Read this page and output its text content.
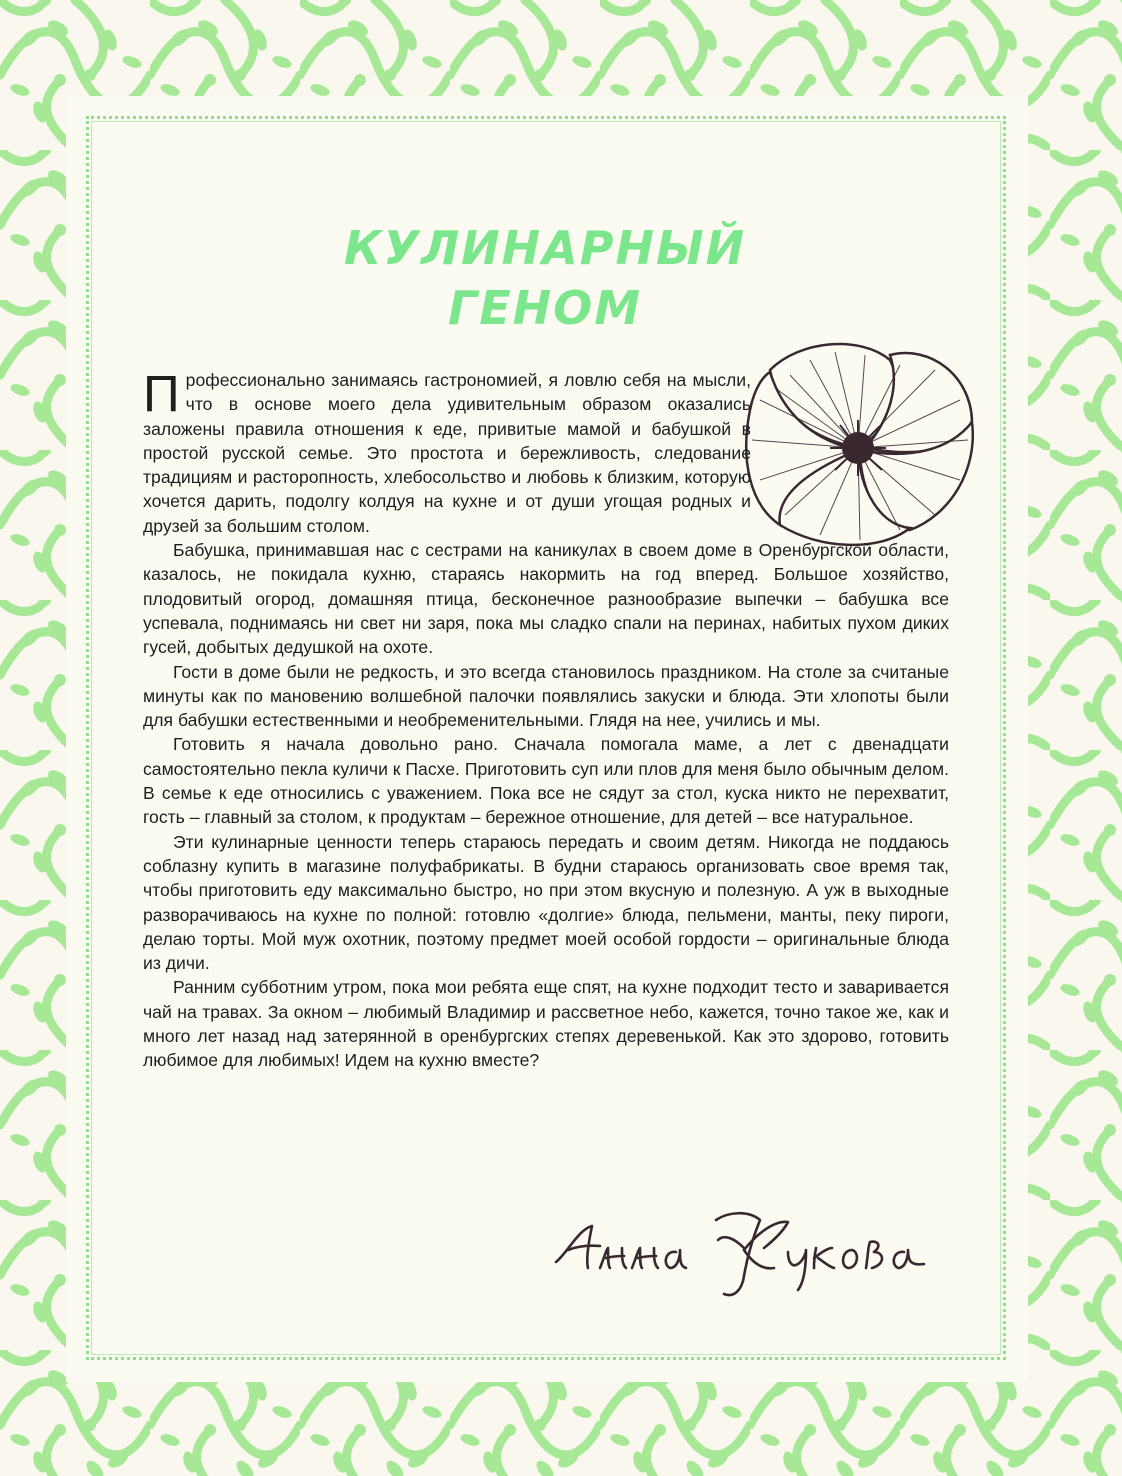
КУЛИНАРНЫЙ
ГЕНОМ

Профессионально занимаясь гастрономией, я ловлю себя на мысли, что в основе моего дела удивительным образом оказались заложены правила отношения к еде, привитые мамой и бабушкой в простой русской семье. Это простота и бережливость, следование традициям и расторопность, хлебосольство и любовь к близким, которую хочется дарить, подолгу колдуя на кухне и от души угощая родных и друзей за большим столом.

Бабушка, принимавшая нас с сестрами на каникулах в своем доме в Оренбургской области, казалось, не покидала кухню, стараясь накормить на год вперед. Большое хозяйство, плодовитый огород, домашняя птица, бесконечное разнообразие выпечки – бабушка все успевала, поднимаясь ни свет ни заря, пока мы сладко спали на перинах, набитых пухом диких гусей, добытых дедушкой на охоте.

Гости в доме были не редкость, и это всегда становилось праздником. На столе за считаные минуты как по мановению волшебной палочки появлялись закуски и блюда. Эти хлопоты были для бабушки естественными и необременительными. Глядя на нее, учились и мы.

Готовить я начала довольно рано. Сначала помогала маме, а лет с двенадцати самостоятельно пекла куличи к Пасхе. Приготовить суп или плов для меня было обычным делом. В семье к еде относились с уважением. Пока все не сядут за стол, куска никто не перехватит, гость – главный за столом, к продуктам – бережное отношение, для детей – все натуральное.

Эти кулинарные ценности теперь стараюсь передать и своим детям. Никогда не поддаюсь соблазну купить в магазине полуфабрикаты. В будни стараюсь организовать свое время так, чтобы приготовить еду максимально быстро, но при этом вкусную и полезную. А уж в выходные разворачиваюсь на кухне по полной: готовлю «долгие» блюда, пельмени, манты, пеку пироги, делаю торты. Мой муж охотник, поэтому предмет моей особой гордости – оригинальные блюда из дичи.

Ранним субботним утром, пока мои ребята еще спят, на кухне подходит тесто и заваривается чай на травах. За окном – любимый Владимир и рассветное небо, кажется, точно такое же, как и много лет назад над затерянной в оренбургских степях деревенькой. Как это здорово, готовить любимое для любимых! Идем на кухню вместе?
